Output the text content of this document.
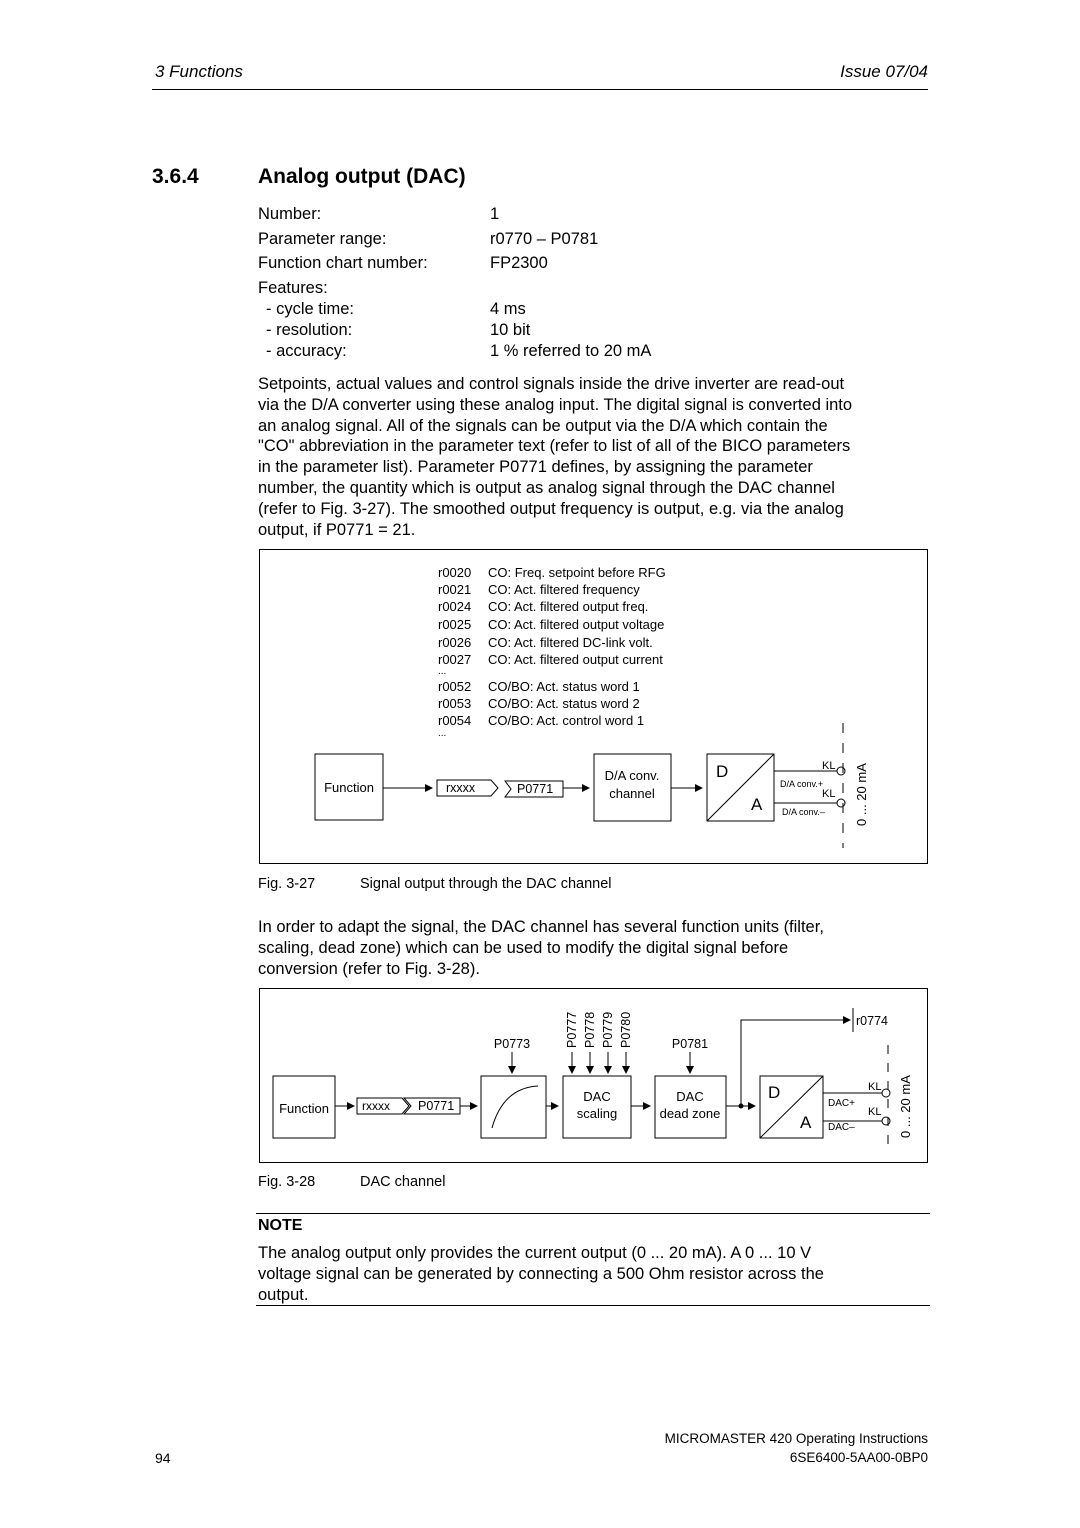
3 Functions	Issue 07/04
3.6.4	Analog output (DAC)
Number:	1
Parameter range:	r0770 – P0781
Function chart number:	FP2300
Features:
- cycle time:	4 ms
- resolution:	10 bit
- accuracy:	1 % referred to 20 mA
Setpoints, actual values and control signals inside the drive inverter are read-out
via the D/A converter using these analog input. The digital signal is converted into
an analog signal. All of the signals can be output via the D/A which contain the
"CO" abbreviation in the parameter text (refer to list of all of the BICO parameters
in the parameter list). Parameter P0771 defines, by assigning the parameter
number, the quantity which is output as analog signal through the DAC channel
(refer to Fig. 3-27). The smoothed output frequency is output, e.g. via the analog
output, if P0771 = 21.
r0020 CO: Freq. setpoint before RFG
r0021 CO: Act. filtered frequency
r0024 CO: Act. filtered output freq.
r0025 CO: Act. filtered output voltage
r0026 CO: Act. filtered DC-link volt.
r0027 CO: Act. filtered output current
...
r0052 CO/BO: Act. status word 1
r0053 CO/BO: Act. status word 2
r0054 CO/BO: Act. control word 1
...
Function	rxxxx	P0771
D/A conv.
channel
D
A
KL
KL
D/A conv.+
D/A conv.– 0 ... 20 mA
Fig. 3-27	Signal output through the DAC channel
In order to adapt the signal, the DAC channel has several function units (filter,
scaling, dead zone) which can be used to modify the digital signal before
conversion (refer to Fig. 3-28).
Function	rxxxx P0771
P0773
DAC
scaling
P0777 P0778 P0779 P0780
DAC
dead zone
P0781
r0774
D
A
KL
KL
DAC+
DAC–	0 ... 20 mA
Fig. 3-28	DAC channel
NOTE
The analog output only provides the current output (0 ... 20 mA). A 0 ... 10 V
voltage signal can be generated by connecting a 500 Ohm resistor across the
output.
94
MICROMASTER 420 Operating Instructions
6SE6400-5AA00-0BP0
